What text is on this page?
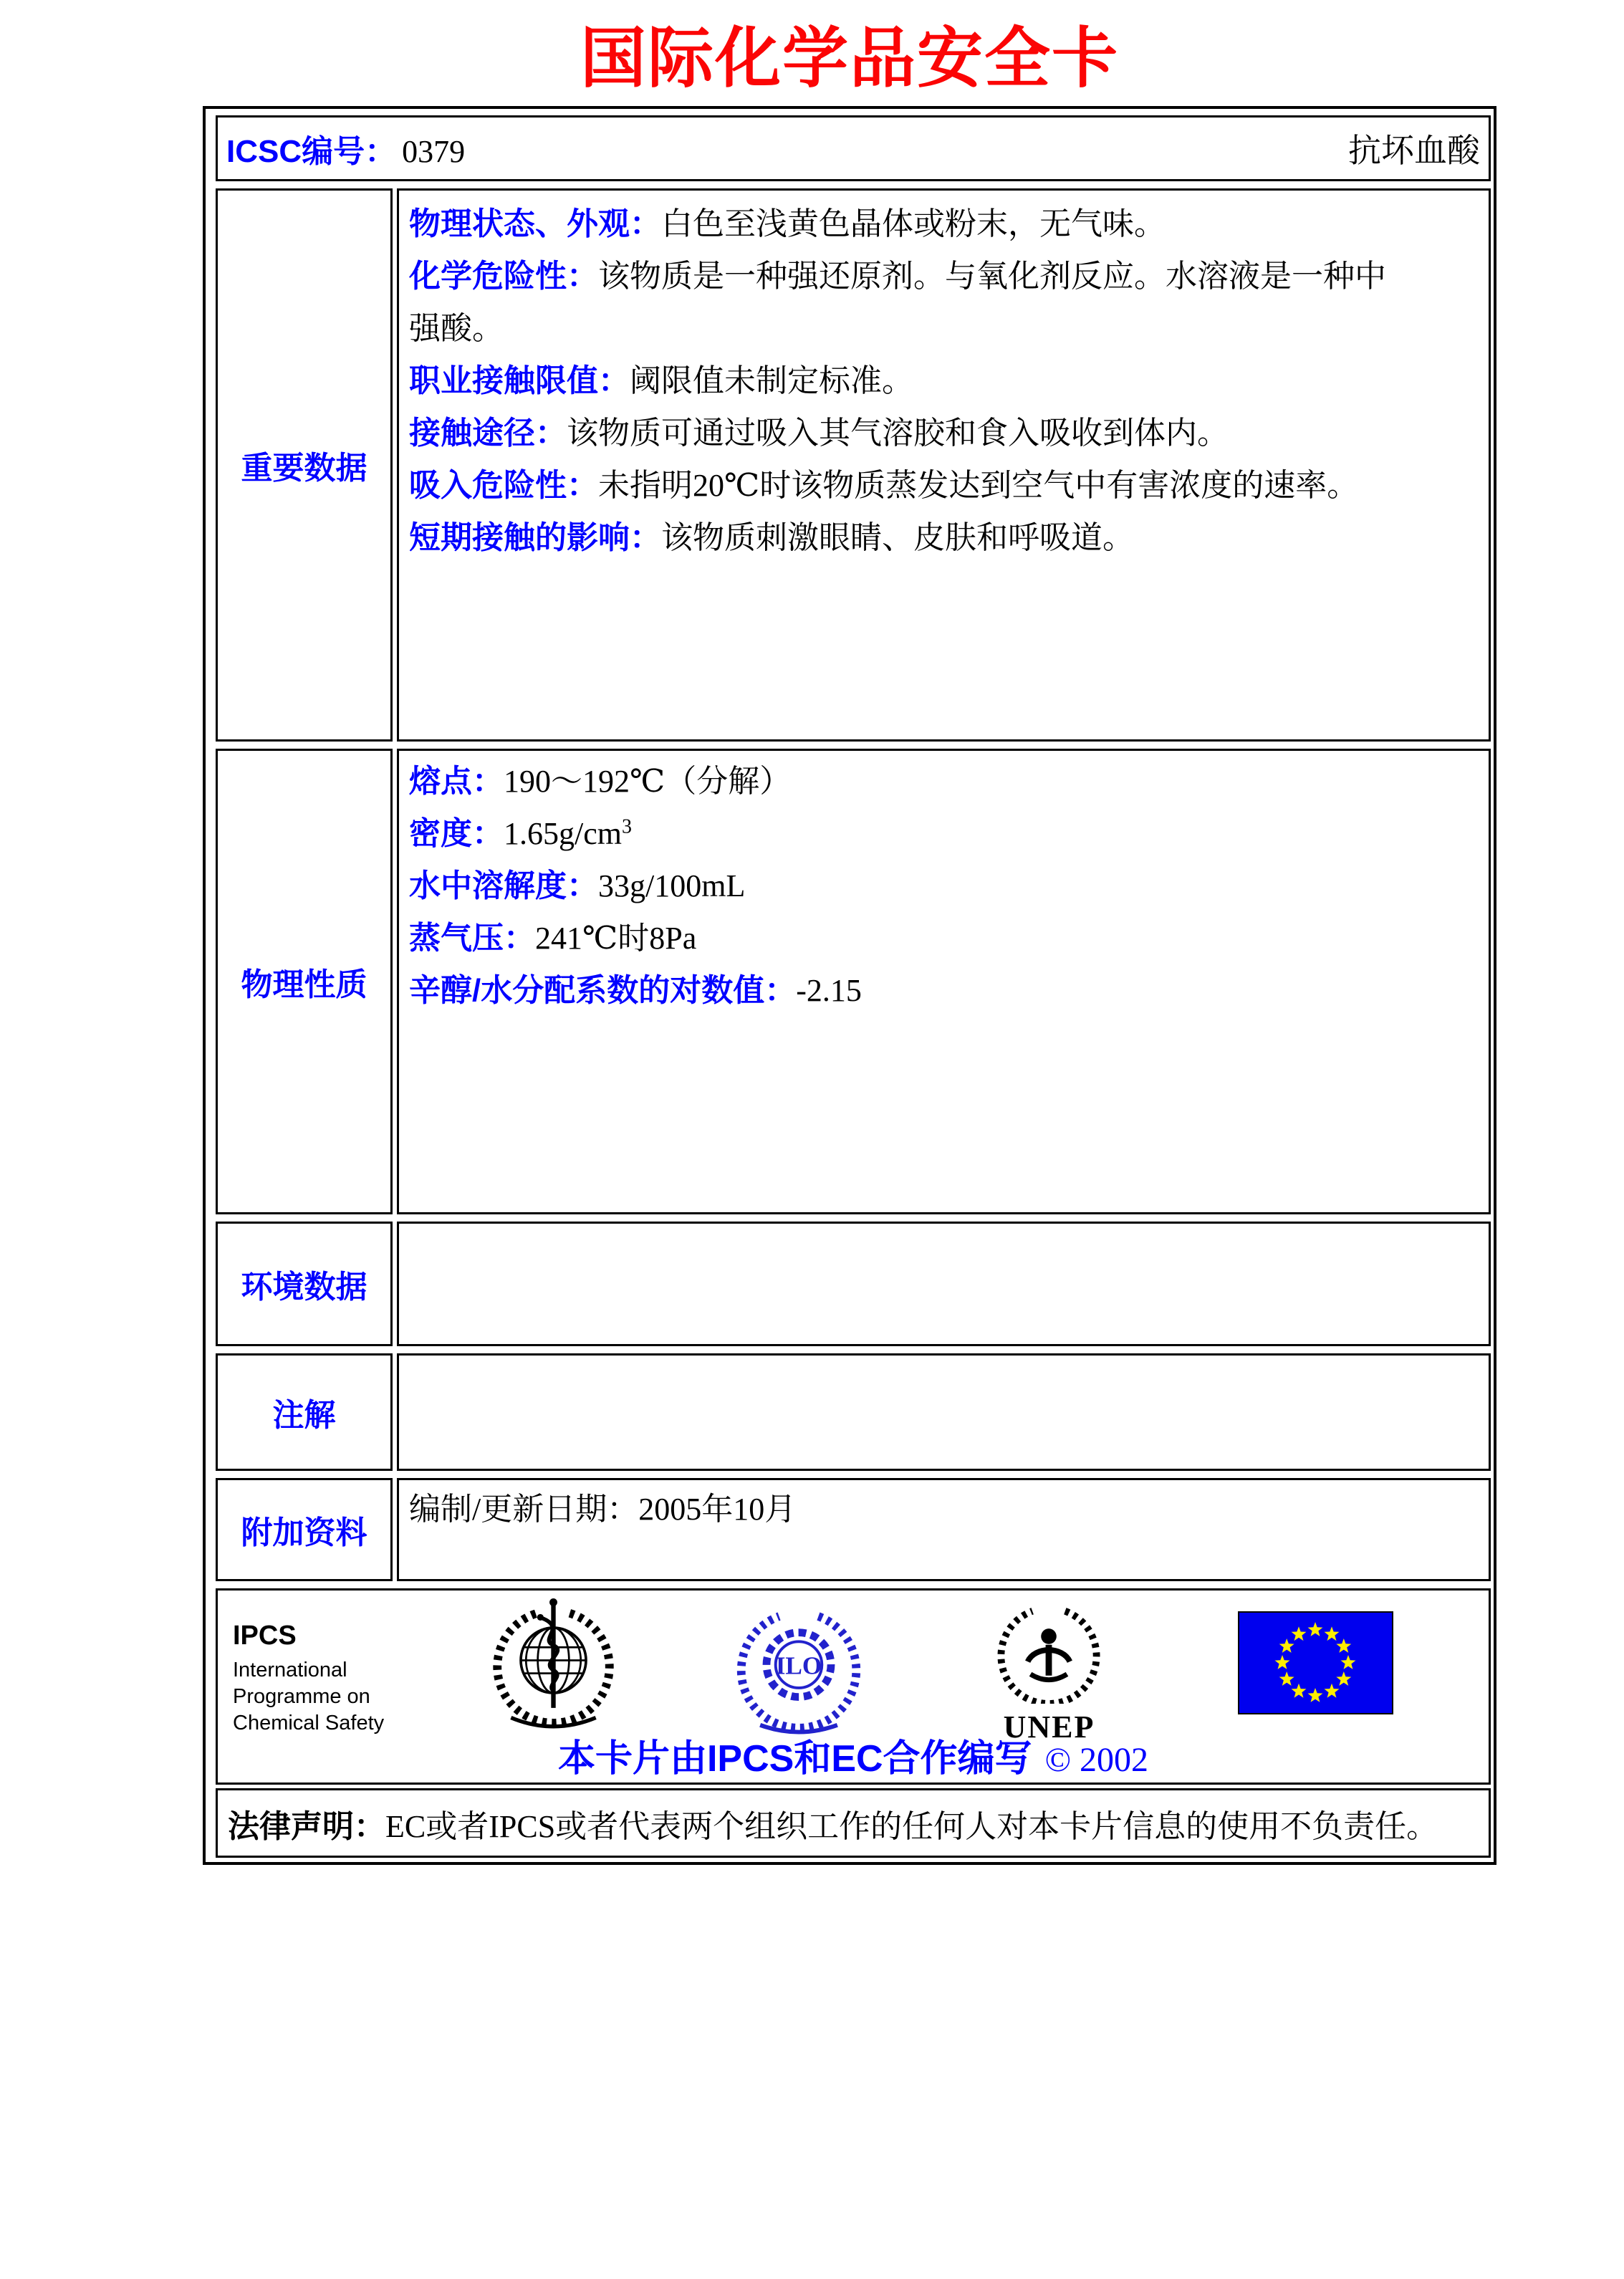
国际化学品安全卡
ICSC编号： 0379	抗坏血酸
重要数据
物理状态、外观：白色至浅黄色晶体或粉末，无气味。
化学危险性：该物质是一种强还原剂。与氧化剂反应。水溶液是一种中强酸。
职业接触限值：阈限值未制定标准。
接触途径：该物质可通过吸入其气溶胶和食入吸收到体内。
吸入危险性：未指明20℃时该物质蒸发达到空气中有害浓度的速率。
短期接触的影响：该物质刺激眼睛、皮肤和呼吸道。
物理性质
熔点：190～192℃（分解）
密度：$1.65g/cm^3$
水中溶解度：33g/100mL
蒸气压：241℃时8Pa
辛醇/水分配系数的对数值：-2.15
环境数据
注解
附加资料
编制/更新日期：2005年10月
IPCS
International
Programme on
Chemical Safety
ILO
UNEP
本卡片由IPCS和EC合作编写 © 2002
法律声明：EC或者IPCS或者代表两个组织工作的任何人对本卡片信息的使用不负责任。
